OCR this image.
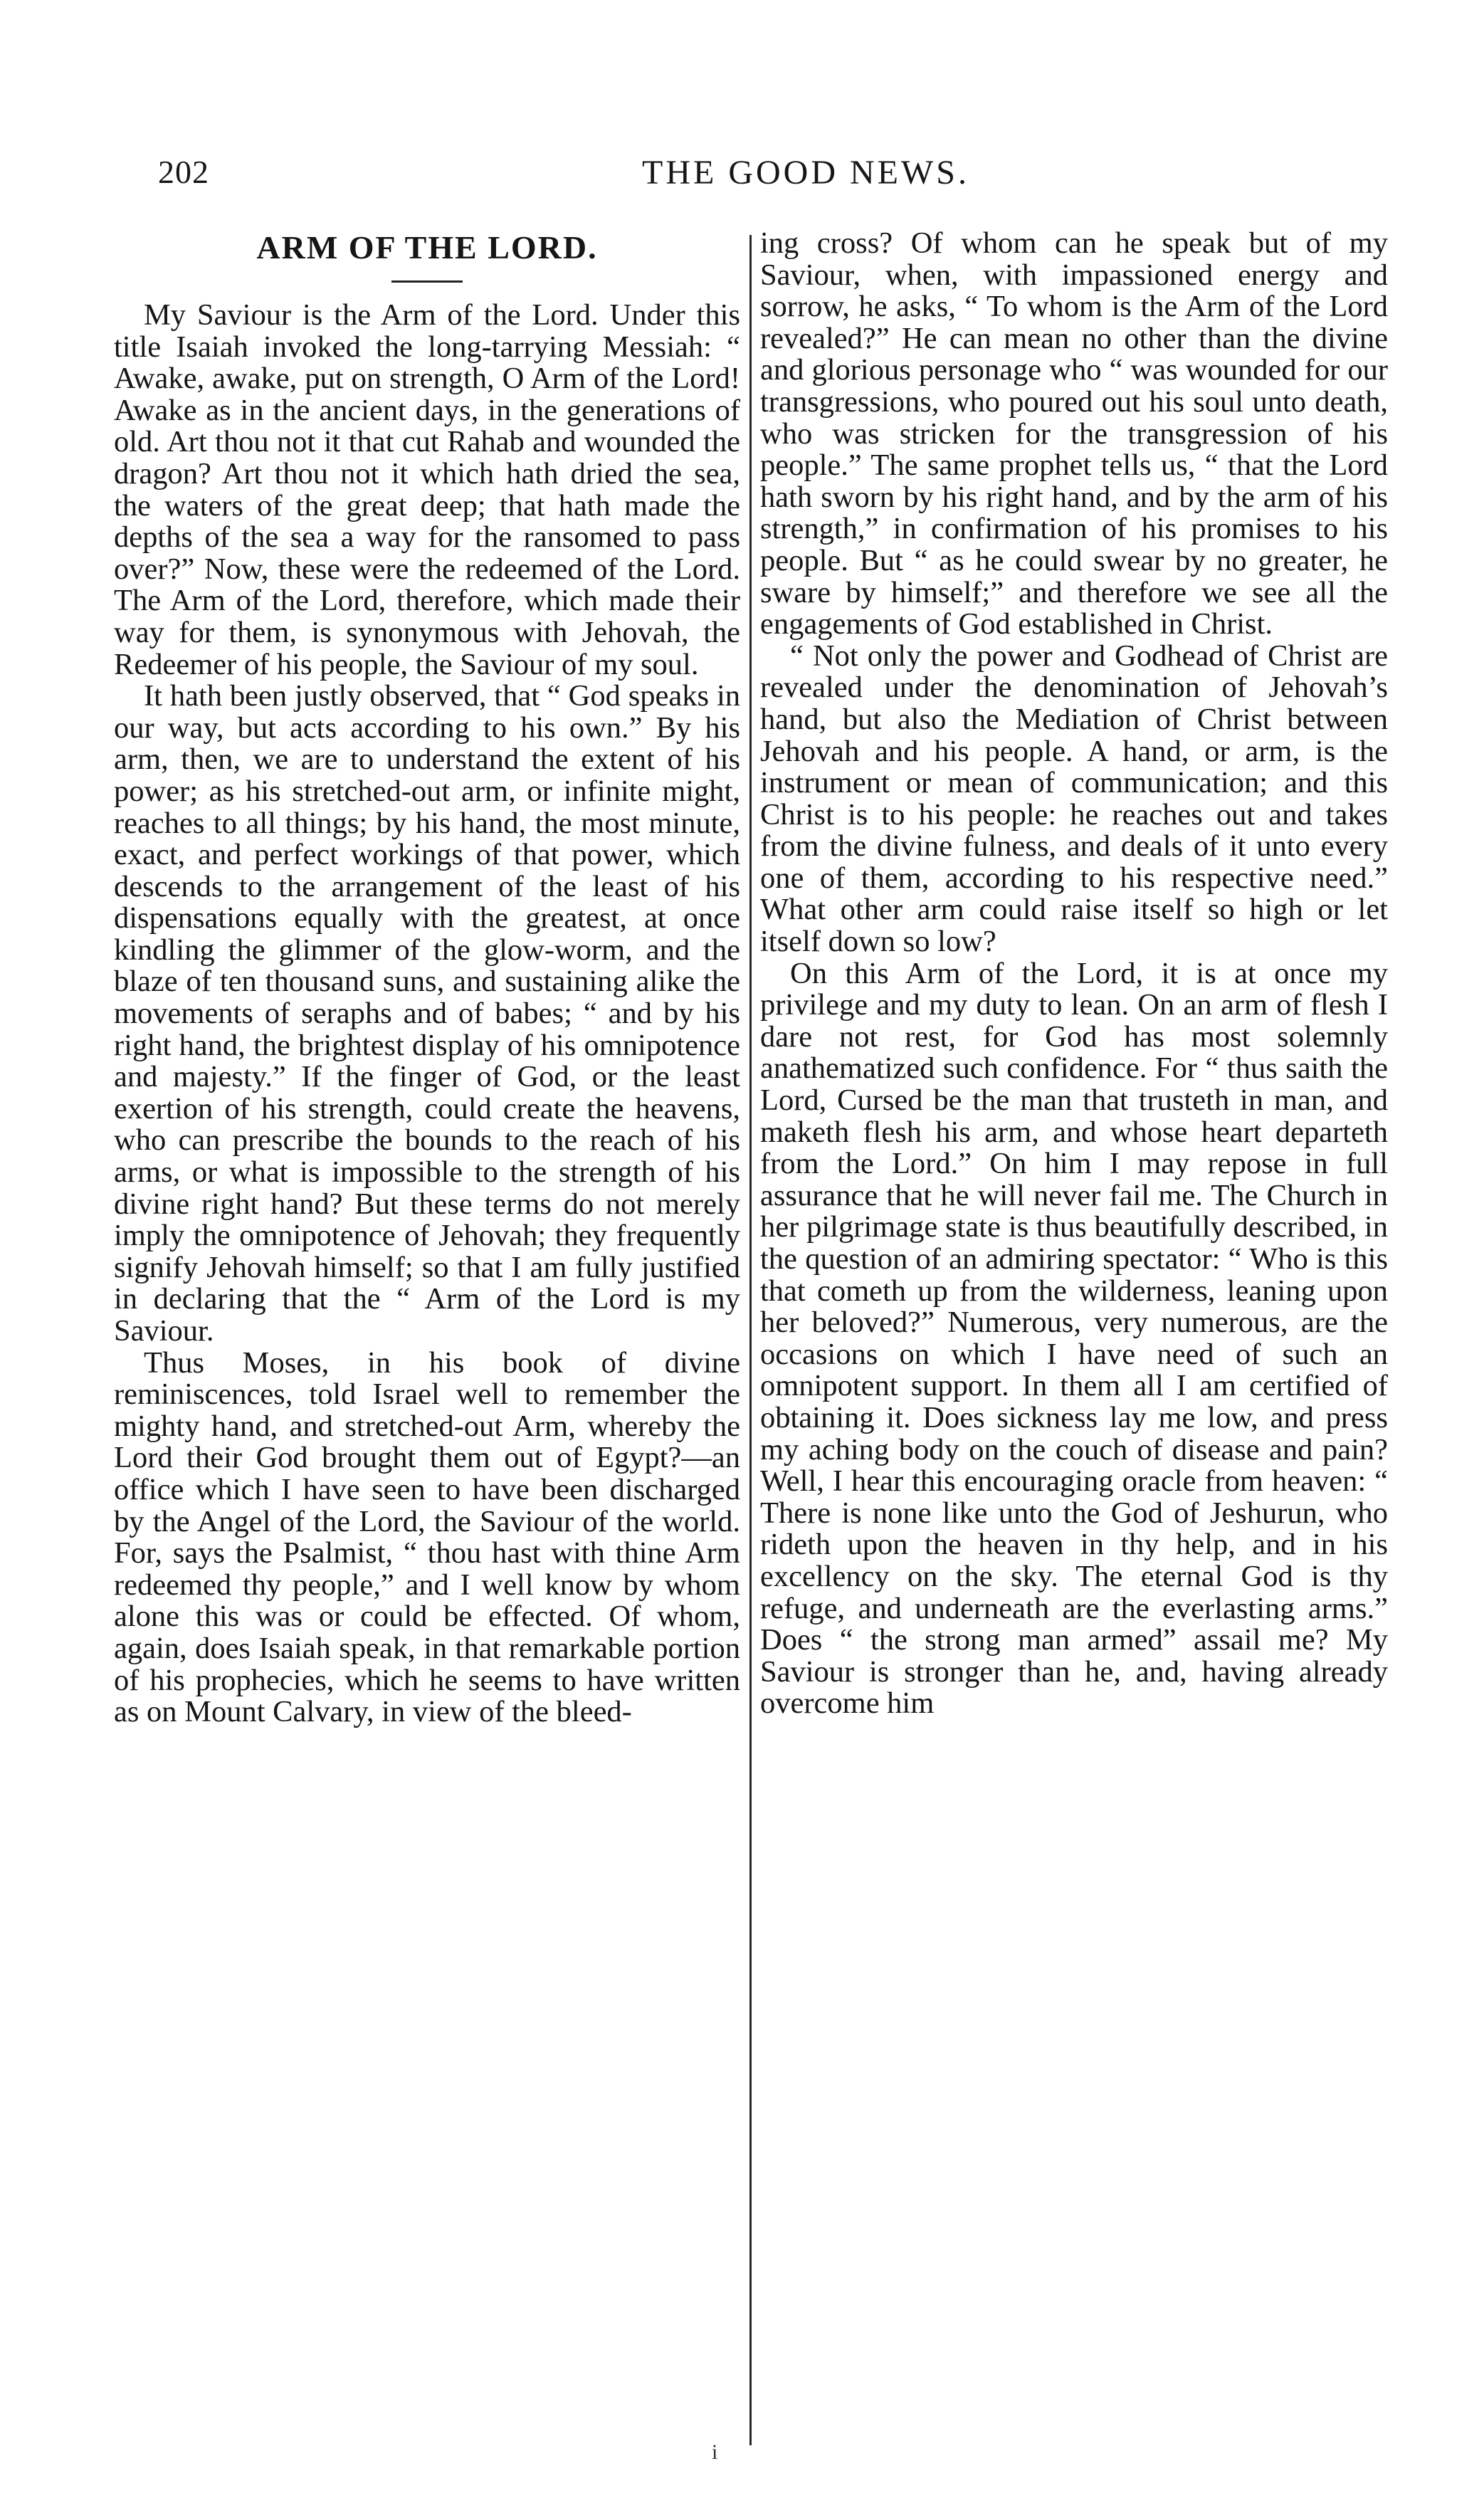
202	THE GOOD NEWS.
ARM OF THE LORD.

My Saviour is the Arm of the Lord. Under this title Isaiah invoked the long-tarrying Messiah: “ Awake, awake, put on strength, O Arm of the Lord! Awake as in the ancient days, in the generations of old. Art thou not it that cut Rahab and wounded the dragon? Art thou not it which hath dried the sea, the waters of the great deep; that hath made the depths of the sea a way for the ransomed to pass over?” Now, these were the redeemed of the Lord. The Arm of the Lord, therefore, which made their way for them, is synonymous with Jehovah, the Redeemer of his people, the Saviour of my soul.

It hath been justly observed, that “ God speaks in our way, but acts according to his own.” By his arm, then, we are to understand the extent of his power; as his stretched-out arm, or infinite might, reaches to all things; by his hand, the most minute, exact, and perfect workings of that power, which descends to the arrangement of the least of his dispensations equally with the greatest, at once kindling the glimmer of the glow-worm, and the blaze of ten thousand suns, and sustaining alike the movements of seraphs and of babes; “ and by his right hand, the brightest display of his omnipotence and majesty.” If the finger of God, or the least exertion of his strength, could create the heavens, who can prescribe the bounds to the reach of his arms, or what is impossible to the strength of his divine right hand? But these terms do not merely imply the omnipotence of Jehovah; they frequently signify Jehovah himself; so that I am fully justified in declaring that the “ Arm of the Lord is my Saviour.

Thus Moses, in his book of divine reminiscences, told Israel well to remember the mighty hand, and stretched-out Arm, whereby the Lord their God brought them out of Egypt?—an office which I have seen to have been discharged by the Angel of the Lord, the Saviour of the world. For, says the Psalmist, “ thou hast with thine Arm redeemed thy people,” and I well know by whom alone this was or could be effected. Of whom, again, does Isaiah speak, in that remarkable portion of his prophecies, which he seems to have written as on Mount Calvary, in view of the bleed-

ing cross? Of whom can he speak but of my Saviour, when, with impassioned energy and sorrow, he asks, “ To whom is the Arm of the Lord revealed?” He can mean no other than the divine and glorious personage who “ was wounded for our transgressions, who poured out his soul unto death, who was stricken for the transgression of his people.” The same prophet tells us, “ that the Lord hath sworn by his right hand, and by the arm of his strength,” in confirmation of his promises to his people. But “ as he could swear by no greater, he sware by himself;” and therefore we see all the engagements of God established in Christ.

“ Not only the power and Godhead of Christ are revealed under the denomination of Jehovah’s hand, but also the Mediation of Christ between Jehovah and his people. A hand, or arm, is the instrument or mean of communication; and this Christ is to his people: he reaches out and takes from the divine fulness, and deals of it unto every one of them, according to his respective need.” What other arm could raise itself so high or let itself down so low?

On this Arm of the Lord, it is at once my privilege and my duty to lean. On an arm of flesh I dare not rest, for God has most solemnly anathematized such confidence. For “ thus saith the Lord, Cursed be the man that trusteth in man, and maketh flesh his arm, and whose heart departeth from the Lord.” On him I may repose in full assurance that he will never fail me. The Church in her pilgrimage state is thus beautifully described, in the question of an admiring spectator: “ Who is this that cometh up from the wilderness, leaning upon her beloved?” Numerous, very numerous, are the occasions on which I have need of such an omnipotent support. In them all I am certified of obtaining it. Does sickness lay me low, and press my aching body on the couch of disease and pain? Well, I hear this encouraging oracle from heaven: “ There is none like unto the God of Jeshurun, who rideth upon the heaven in thy help, and in his excellency on the sky. The eternal God is thy refuge, and underneath are the everlasting arms.” Does “ the strong man armed” assail me? My Saviour is stronger than he, and, having already overcome him

i
